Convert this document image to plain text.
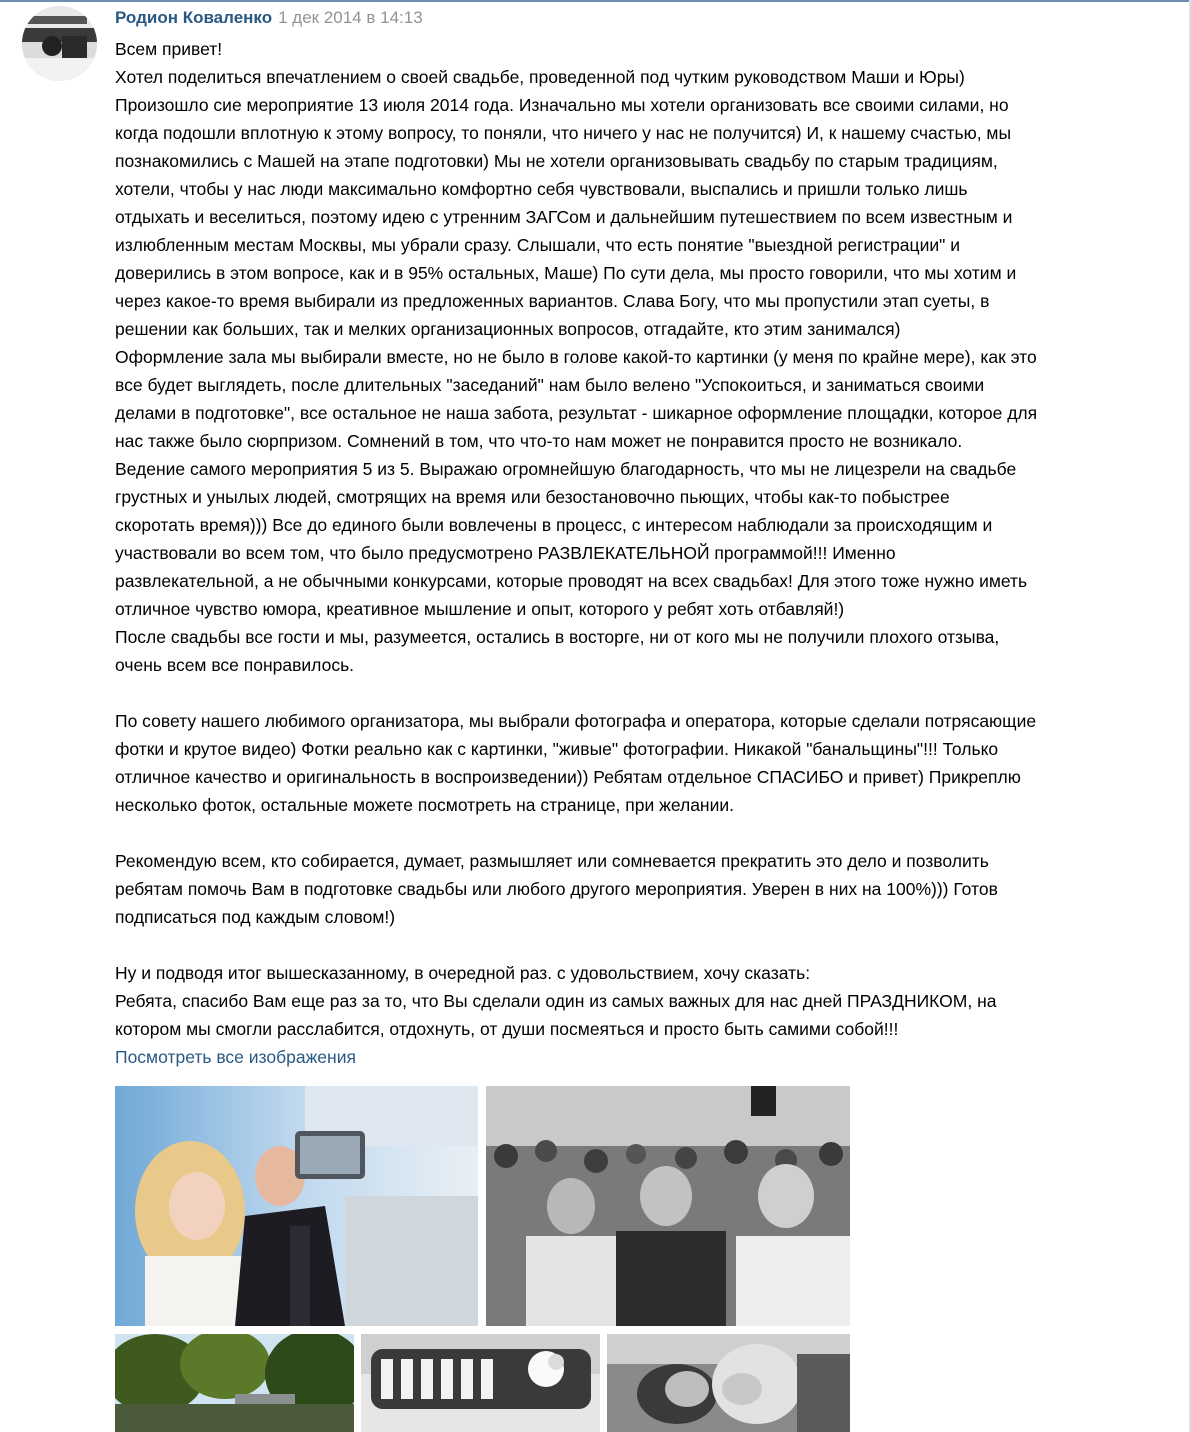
Родион Коваленко 1 дек 2014 в 14:13
Всем привет!
Хотел поделиться впечатлением о своей свадьбе, проведенной под чутким руководством Маши и Юры)
Произошло сие мероприятие 13 июля 2014 года. Изначально мы хотели организовать все своими силами, но
когда подошли вплотную к этому вопросу, то поняли, что ничего у нас не получится) И, к нашему счастью, мы
познакомились с Машей на этапе подготовки) Мы не хотели организовывать свадьбу по старым традициям,
хотели, чтобы у нас люди максимально комфортно себя чувствовали, выспались и пришли только лишь
отдыхать и веселиться, поэтому идею с утренним ЗАГСом и дальнейшим путешествием по всем известным и
излюбленным местам Москвы, мы убрали сразу. Слышали, что есть понятие "выездной регистрации" и
доверились в этом вопросе, как и в 95% остальных, Маше) По сути дела, мы просто говорили, что мы хотим и
через какое-то время выбирали из предложенных вариантов. Слава Богу, что мы пропустили этап суеты, в
решении как больших, так и мелких организационных вопросов, отгадайте, кто этим занимался)
Оформление зала мы выбирали вместе, но не было в голове какой-то картинки (у меня по крайне мере), как это
все будет выглядеть, после длительных "заседаний" нам было велено "Успокоиться, и заниматься своими
делами в подготовке", все остальное не наша забота, результат - шикарное оформление площадки, которое для
нас также было сюрпризом. Сомнений в том, что что-то нам может не понравится просто не возникало.
Ведение самого мероприятия 5 из 5. Выражаю огромнейшую благодарность, что мы не лицезрели на свадьбе
грустных и унылых людей, смотрящих на время или безостановочно пьющих, чтобы как-то побыстрее
скоротать время))) Все до единого были вовлечены в процесс, с интересом наблюдали за происходящим и
участвовали во всем том, что было предусмотрено РАЗВЛЕКАТЕЛЬНОЙ программой!!! Именно
развлекательной, а не обычными конкурсами, которые проводят на всех свадьбах! Для этого тоже нужно иметь
отличное чувство юмора, креативное мышление и опыт, которого у ребят хоть отбавляй!)
После свадьбы все гости и мы, разумеется, остались в восторге, ни от кого мы не получили плохого отзыва,
очень всем все понравилось.
По совету нашего любимого организатора, мы выбрали фотографа и оператора, которые сделали потрясающие
фотки и крутое видео) Фотки реально как с картинки, "живые" фотографии. Никакой "банальщины"!!! Только
отличное качество и оригинальность в воспроизведении)) Ребятам отдельное СПАСИБО и привет) Прикреплю
несколько фоток, остальные можете посмотреть на странице, при желании.
Рекомендую всем, кто собирается, думает, размышляет или сомневается прекратить это дело и позволить
ребятам помочь Вам в подготовке свадьбы или любого другого мероприятия. Уверен в них на 100%))) Готов
подписаться под каждым словом!)
Ну и подводя итог вышесказанному, в очередной раз. с удовольствием, хочу сказать:
Ребята, спасибо Вам еще раз за то, что Вы сделали один из самых важных для нас дней ПРАЗДНИКОМ, на
котором мы смогли расслабится, отдохнуть, от души посмеяться и просто быть самими собой!!!
Посмотреть все изображения
